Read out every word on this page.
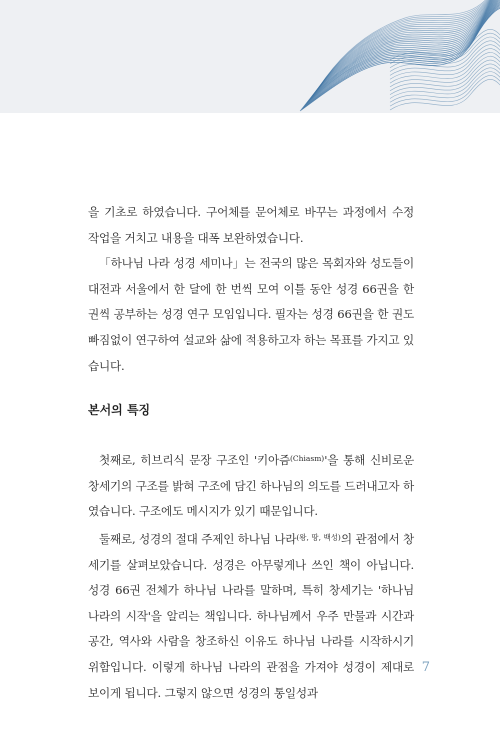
을 기초로 하였습니다. 구어체를 문어체로 바꾸는 과정에서 수정 작업을 거치고 내용을 대폭 보완하였습니다.

「하나님 나라 성경 세미나」는 전국의 많은 목회자와 성도들이 대전과 서울에서 한 달에 한 번씩 모여 이틀 동안 성경 66권을 한 권씩 공부하는 성경 연구 모임입니다. 필자는 성경 66권을 한 권도 빠짐없이 연구하여 설교와 삶에 적용하고자 하는 목표를 가지고 있습니다.

본서의 특징

첫째로, 히브리식 문장 구조인 '키아즘$^{(Chiasm)}$'을 통해 신비로운 창세기의 구조를 밝혀 구조에 담긴 하나님의 의도를 드러내고자 하였습니다. 구조에도 메시지가 있기 때문입니다.

둘째로, 성경의 절대 주제인 하나님 나라$^{(왕, 땅, 백성)}$의 관점에서 창세기를 살펴보았습니다. 성경은 아무렇게나 쓰인 책이 아닙니다. 성경 66권 전체가 하나님 나라를 말하며, 특히 창세기는 '하나님 나라의 시작'을 알리는 책입니다. 하나님께서 우주 만물과 시간과 공간, 역사와 사람을 창조하신 이유도 하나님 나라를 시작하시기 위함입니다. 이렇게 하나님 나라의 관점을 가져야 성경이 제대로 보이게 됩니다. 그렇지 않으면 성경의 통일성과

7
